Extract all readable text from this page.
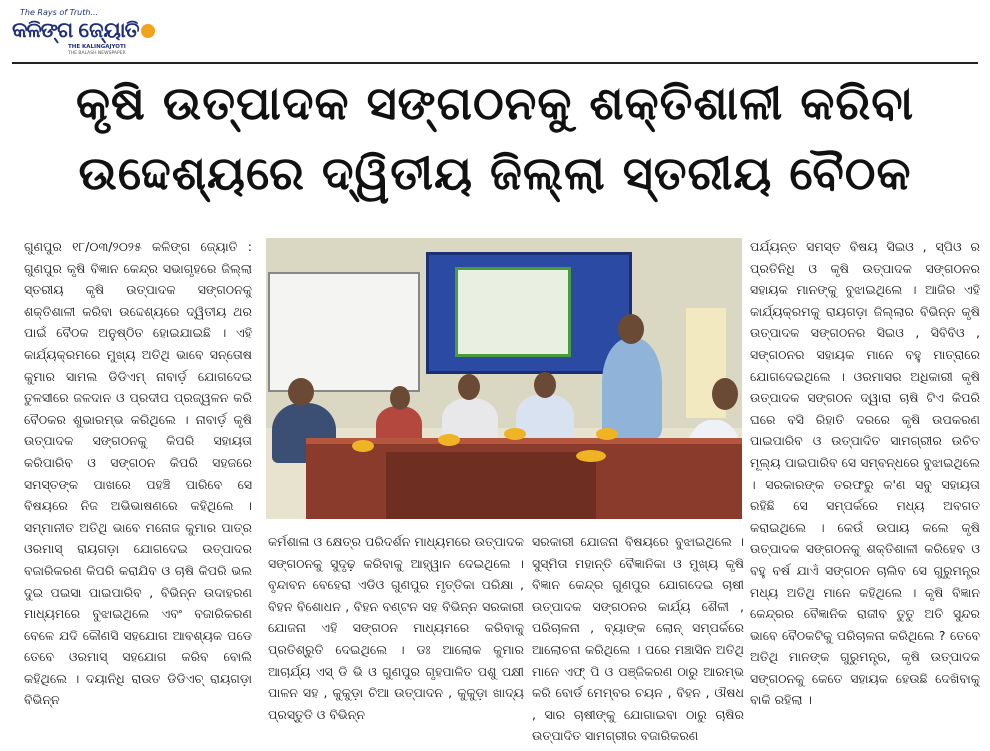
The Rays of Truth...
କଳିଙ୍ଗ ଜ୍ୟୋତି
THE KALINGAJYOTI
THE BALASH NEWSPAPER
କୃଷି ଉତ୍ପାଦକ ସଙ୍ଗଠନକୁ ଶକ୍ତିଶାଳୀ କରିବା
ଉଦ୍ଦେଶ୍ୟରେ ଦ୍ୱିତୀୟ ଜିଲ୍ଲା ସ୍ତରୀୟ ବୈଠକ
ଗୁଣପୁର ୧୮/୦୩/୨୦୨୫ କଳିଙ୍ଗ ଜ୍ୟୋତି : ଗୁଣପୁର କୃଷି ବିଜ୍ଞାନ କେନ୍ଦ୍ର ସଭାଗୃହରେ ଜିଲ୍ଲା ସ୍ତରୀୟ କୃଷି ଉତ୍ପାଦକ ସଙ୍ଗଠନକୁ ଶକ୍ତିଶାଳୀ କରିବା ଉଦ୍ଦେଶ୍ୟରେ ଦ୍ୱିତୀୟ ଥର ପାଇଁ ବୈଠକ ଅନୁଷ୍ଠିତ ହୋଇଯାଇଛି । ଏହି କାର୍ଯ୍ୟକ୍ରମରେ ମୁଖ୍ୟ ଅତିଥି ଭାବେ ସନ୍ତୋଷ କୁମାର ସାମଲ ଡିଡିଏମ୍ ନାବାର୍ଡ଼ ଯୋଗଦେଇ ତୁଳସୀରେ ଜଳଦାନ ଓ ପ୍ରଦୀପ ପ୍ରଜ୍ୱଳନ କରି ବୈଠକର ଶୁଭାରମ୍ଭ କରିଥିଲେ । ନାବାର୍ଡ଼ କୃଷି ଉତ୍ପାଦକ ସଙ୍ଗଠନକୁ କିପରି ସହାୟତା କରିପାରିବ ଓ ସଙ୍ଗଠନ କିପରି ସହଜରେ ସମସ୍ତଙ୍କ ପାଖରେ ପହଞ୍ଚି ପାରିବେ ସେ ବିଷୟରେ ନିଜ ଅଭିଭାଷଣରେ କହିଥିଲେ । ସମ୍ମାନୀତ ଅତିଥି ଭାବେ ମନୋଜ କୁମାର ପାତ୍ର ଓରମାସ୍ ରାୟଗଡ଼ା ଯୋଗଦେଇ ଉତ୍ପାଦର ବଜାରିକରଣ କିପରି କରାଯିବ ଓ ଚାଷି କିପରି ଭଲ ଦୁଇ ପଇସା ପାଇପାରିବ , ବିଭିନ୍ନ ଉଦାହରଣ ମାଧ୍ୟମରେ ବୁଝାଇଥିଲେ ଏବଂ ବଜାରିକରଣ ବେଳେ ଯଦି କୌଣସି ସହଯୋଗ ଆବଶ୍ୟକ ପଡେ ତେବେ ଓରମାସ୍ ସହଯୋଗ କରିବ ବୋଲି କହିଥିଲେ । ଦୟାନିଧି ରାଉତ ଡିଡିଏଚ୍ ରାୟଗଡ଼ା ବିଭିନ୍ନ
କର୍ମଶାଳା ଓ କ୍ଷେତ୍ର ପରିଦର୍ଶନ ମାଧ୍ୟମରେ ଉତ୍ପାଦକ ସଙ୍ଗଠନକୁ ସୁଦୃଢ଼ କରିବାକୁ ଆହ୍ୱାନ ଦେଇଥିଲେ । ବୃନ୍ଦାବନ ବେହେରା ଏଡିଓ ଗୁଣପୁର ମୃତ୍ତିକା ପରିକ୍ଷା , ବିହନ ବିଶୋଧନ , ବିହନ ବଣ୍ଟନ ସହ ବିଭିନ୍ନ ସରକାରୀ ଯୋଜନା ଏହି ସଙ୍ଗଠନ ମାଧ୍ୟମରେ କରିବାକୁ ପ୍ରତିଶ୍ରୁତି ଦେଇଥିଲେ । ଡଃ ଆଲୋକ କୁମାର ଆଚାର୍ଯ୍ୟ ଏସ୍ ଡି ଭି ଓ ଗୁଣପୁର ଗୃହପାଳିତ ପଶୁ ପକ୍ଷୀ ପାଳନ ସହ , କୁକୁଡ଼ା ଚିଆ ଉତ୍ପାଦନ , କୁକୁଡ଼ା ଖାଦ୍ୟ ପ୍ରସ୍ତୁତି ଓ ବିଭିନ୍ନ
ସରକାରୀ ଯୋଜନା ବିଷୟରେ ବୁଝାଇଥିଲେ । ସୁସ୍ମିତା ମହାନ୍ତି ବୈଜ୍ଞାନିକା ଓ ମୁଖ୍ୟ କୃଷି ବିଜ୍ଞାନ କେନ୍ଦ୍ର ଗୁଣପୁର ଯୋଗଦେଇ ଚାଷୀ ଉତ୍ପାଦକ ସଙ୍ଗଠନର କାର୍ଯ୍ୟ ଶୈଳୀ , ପରିଚାଳନା , ବ୍ୟାଙ୍କ ଲୋନ୍ ସମ୍ପର୍କରେ ଆଲୋଚନା କରିଥିଲେ । ପରେ ମଞ୍ଚାସିନ ଅତିଥି ମାନେ ଏଫ୍ ପି ଓ ପଞ୍ଜିକରଣ ଠାରୁ ଆରମ୍ଭ କରି ବୋର୍ଡ ମେମ୍ବର ଚୟନ , ବିହନ , ଔଷଧ , ସାର ଚାଷୀଙ୍କୁ ଯୋଗାଇବା ଠାରୁ ଚାଷିର ଉତ୍ପାଦିତ ସାମଗ୍ରୀର ବଜାରିକରଣ
ପର୍ଯ୍ୟନ୍ତ ସମସ୍ତ ବିଷୟ ସିଇଓ , ସ୍ପିଓ ର ପ୍ରତିନିଧି ଓ କୃଷି ଉତ୍ପାଦକ ସଙ୍ଗଠନର ସହାୟକ ମାନଙ୍କୁ ବୁଝାଇଥିଲେ । ଆଜିର ଏହି କାର୍ଯ୍ୟକ୍ରମକୁ ରାୟଗଡ଼ା ଜିଲ୍ଲାର ବିଭିନ୍ନ କୃଷି ଉତ୍ପାଦକ ସଙ୍ଗଠନର ସିଇଓ , ସିବିବିଓ , ସଙ୍ଗଠନର ସହାୟକ ମାନେ ବହୁ ମାତ୍ରାରେ ଯୋଗଦେଇଥିଲେ । ଓରମାସର ଅଧିକାରୀ କୃଷି ଉତ୍ପାଦକ ସଙ୍ଗଠନ ଦ୍ୱାରା ଚାଷି ଟିଏ କିପରି ଘରେ ବସି ରିହାତି ଦରରେ କୃଷି ଉପକରଣ ପାଇପାରିବ ଓ ଉତ୍ପାଦିତ ସାମଗ୍ରୀର ଉଚିତ ମୂଲ୍ୟ ପାଇପାରିବ ସେ ସମ୍ବନ୍ଧରେ ବୁଝାଇଥିଲେ । ସରକାରଙ୍କ ତରଫରୁ କ'ଣ ସବୁ ସହାୟତା ରହିଛି ସେ ସମ୍ପର୍କରେ ମଧ୍ୟ ଅବଗତ କରାଇଥିଲେ । କେଉଁ ଉପାୟ କଲେ କୃଷି ଉତ୍ପାଦକ ସଙ୍ଗଠନକୁ ଶକ୍ତିଶାଳୀ କରିହେବ ଓ ବହୁ ବର୍ଷ ଯାଏଁ ସଙ୍ଗଠନ ଚାଲିବ ସେ ଗୁରୁମନ୍ତ୍ର ମଧ୍ୟ ଅତିଥି ମାନେ କହିଥିଲେ । କୃଷି ବିଜ୍ଞାନ କେନ୍ଦ୍ରର ବୈଜ୍ଞାନିକ ରାଜୀବ ତୁତୁ ଅତି ସୁନ୍ଦର ଭାବେ ବୈଠକଟିକୁ ପରିଚାଳନା କରିଥିଲେ ? ତେବେ ଅତିଥି ମାନଙ୍କ ଗୁରୁମନ୍ତ୍ର, କୃଷି ଉତ୍ପାଦକ ସଙ୍ଗଠନକୁ କେତେ ସହାୟକ ହେଉଛି ଦେଖିବାକୁ ବାକି ରହିଲା ।
